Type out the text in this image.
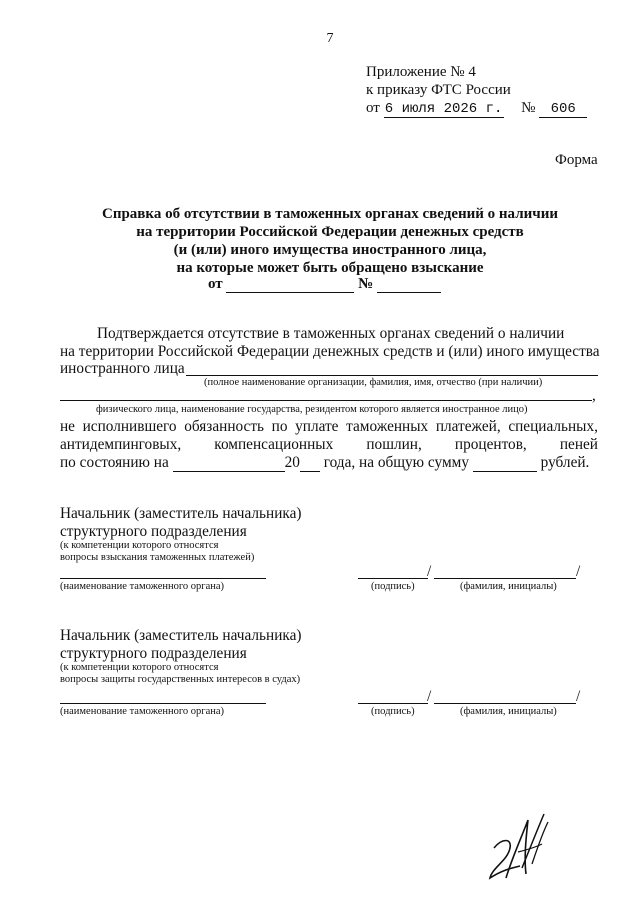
7
Приложение № 4
к приказу ФТС России
от 6 июля 2026 г. № 606
Форма
Справка об отсутствии в таможенных органах сведений о наличии
на территории Российской Федерации денежных средств
(и (или) иного имущества иностранного лица,
на которые может быть обращено взыскание
от	№
Подтверждается отсутствие в таможенных органах сведений о наличии
на территории Российской Федерации денежных средств и (или) иного имущества
иностранного лица
(полное наименование организации, фамилия, имя, отчество (при наличии)
,
физического лица, наименование государства, резидентом которого является иностранное лицо)
не исполнившего обязанность по уплате таможенных платежей, специальных,
антидемпинговых, компенсационных пошлин, процентов, пеней
по состоянию на	20 года, на общую сумму	рублей.
Начальник (заместитель начальника)
структурного подразделения
(к компетенции которого относятся
вопросы взыскания таможенных платежей)
(наименование таможенного органа)
/	/
(подпись)	(фамилия, инициалы)
Начальник (заместитель начальника)
структурного подразделения
(к компетенции которого относятся
вопросы защиты государственных интересов в судах)
(наименование таможенного органа)
/	/
(подпись)	(фамилия, инициалы)
